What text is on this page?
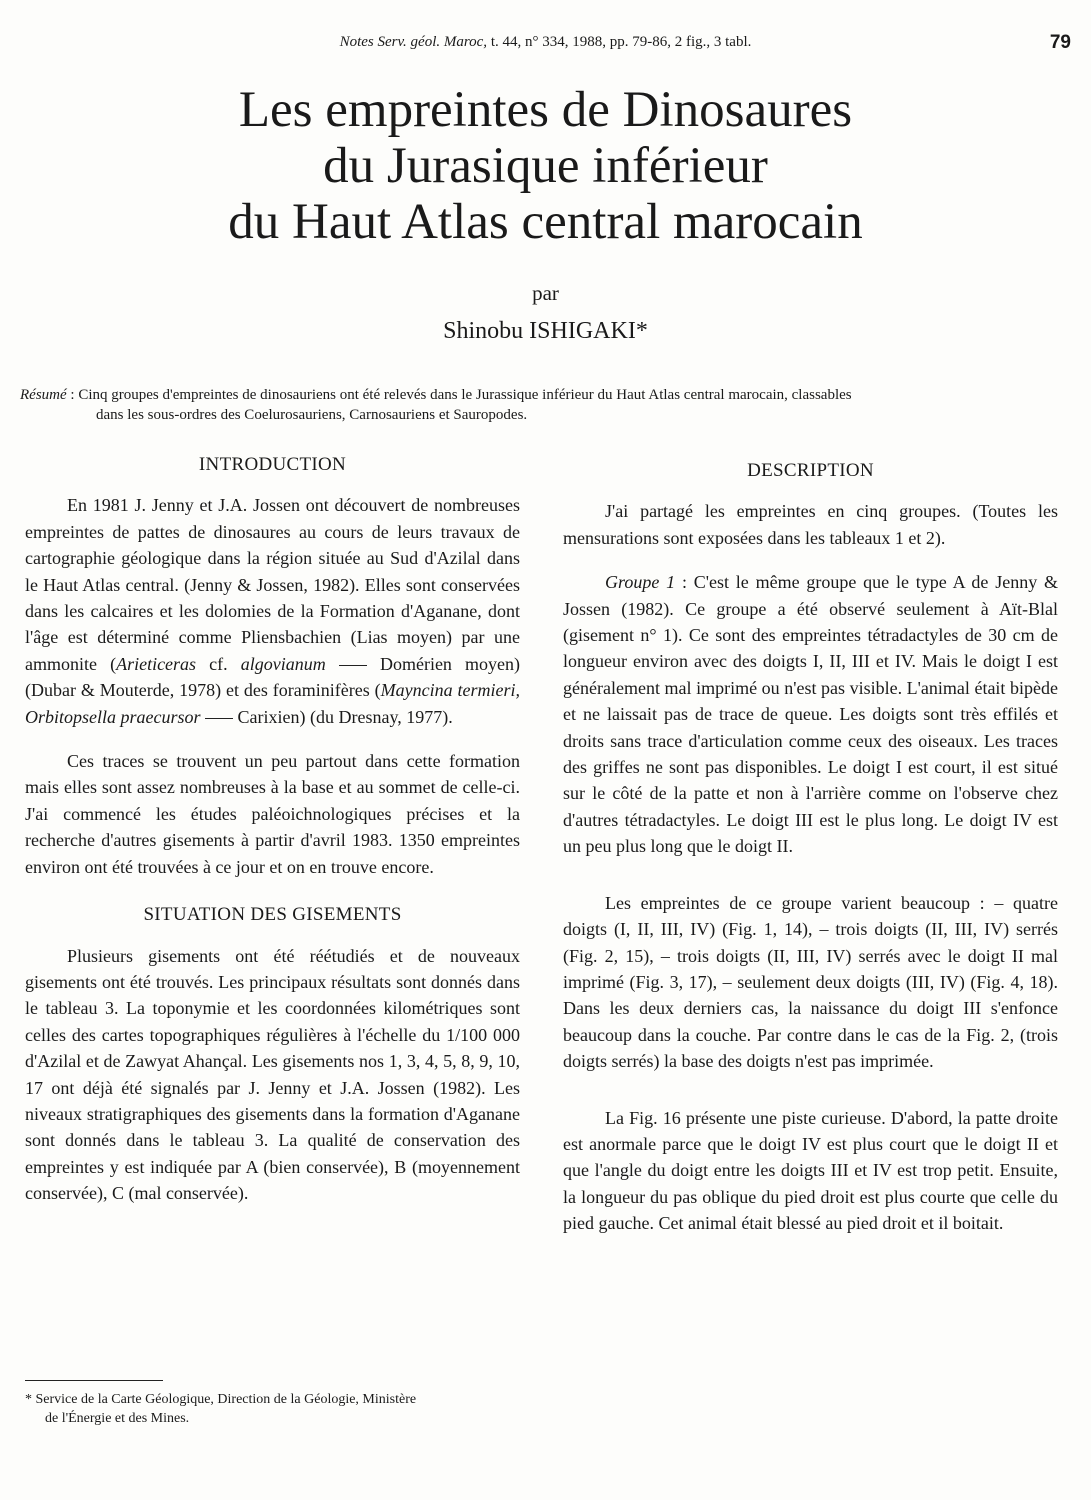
Notes Serv. géol. Maroc, t. 44, n° 334, 1988, pp. 79-86, 2 fig., 3 tabl.	79
Les empreintes de Dinosaures
du Jurasique inférieur
du Haut Atlas central marocain
par
Shinobu ISHIGAKI*
Résumé : Cinq groupes d'empreintes de dinosauriens ont été relevés dans le Jurassique inférieur du Haut Atlas central marocain, classables
dans les sous-ordres des Coelurosauriens, Carnosauriens et Sauropodes.
INTRODUCTION

En 1981 J. Jenny et J.A. Jossen ont découvert de nombreuses empreintes de pattes de dinosaures au cours de leurs travaux de cartographie géologique dans la région située au Sud d'Azilal dans le Haut Atlas central. (Jenny & Jossen, 1982). Elles sont conservées dans les calcaires et les dolomies de la Formation d'Aganane, dont l'âge est déterminé comme Pliensbachien (Lias moyen) par une ammonite (Arieticeras cf. algovianum  Domérien moyen) (Dubar & Mouterde, 1978) et des foraminifères (Mayncina termieri, Orbitopsella praecursor  Carixien) (du Dresnay, 1977).

Ces traces se trouvent un peu partout dans cette formation mais elles sont assez nombreuses à la base et au sommet de celle-ci. J'ai commencé les études paléoichnologiques précises et la recherche d'autres gisements à partir d'avril 1983. 1350 empreintes environ ont été trouvées à ce jour et on en trouve encore.

SITUATION DES GISEMENTS

Plusieurs gisements ont été réétudiés et de nouveaux gisements ont été trouvés. Les principaux résultats sont donnés dans le tableau 3. La toponymie et les coordonnées kilométriques sont celles des cartes topographiques régulières à l'échelle du 1/100 000 d'Azilal et de Zawyat Ahançal. Les gisements nos 1, 3, 4, 5, 8, 9, 10, 17 ont déjà été signalés par J. Jenny et J.A. Jossen (1982). Les niveaux stratigraphiques des gisements dans la formation d'Aganane sont donnés dans le tableau 3. La qualité de conservation des empreintes y est indiquée par A (bien conservée), B (moyennement conservée), C (mal conservée).

* Service de la Carte Géologique, Direction de la Géologie, Ministère
de l'Énergie et des Mines.
DESCRIPTION

J'ai partagé les empreintes en cinq groupes. (Toutes les mensurations sont exposées dans les tableaux 1 et 2).

Groupe 1 : C'est le même groupe que le type A de Jenny & Jossen (1982). Ce groupe a été observé seulement à Aït-Blal (gisement n° 1). Ce sont des empreintes tétradactyles de 30 cm de longueur environ avec des doigts I, II, III et IV. Mais le doigt I est généralement mal imprimé ou n'est pas visible. L'animal était bipède et ne laissait pas de trace de queue. Les doigts sont très effilés et droits sans trace d'articulation comme ceux des oiseaux. Les traces des griffes ne sont pas disponibles. Le doigt I est court, il est situé sur le côté de la patte et non à l'arrière comme on l'observe chez d'autres tétradactyles. Le doigt III est le plus long. Le doigt IV est un peu plus long que le doigt II.

Les empreintes de ce groupe varient beaucoup : – quatre doigts (I, II, III, IV) (Fig. 1, 14), – trois doigts (II, III, IV) serrés (Fig. 2, 15), – trois doigts (II, III, IV) serrés avec le doigt II mal imprimé (Fig. 3, 17), – seulement deux doigts (III, IV) (Fig. 4, 18). Dans les deux derniers cas, la naissance du doigt III s'enfonce beaucoup dans la couche. Par contre dans le cas de la Fig. 2, (trois doigts serrés) la base des doigts n'est pas imprimée.

La Fig. 16 présente une piste curieuse. D'abord, la patte droite est anormale parce que le doigt IV est plus court que le doigt II et que l'angle du doigt entre les doigts III et IV est trop petit. Ensuite, la longueur du pas oblique du pied droit est plus courte que celle du pied gauche. Cet animal était blessé au pied droit et il boitait.
